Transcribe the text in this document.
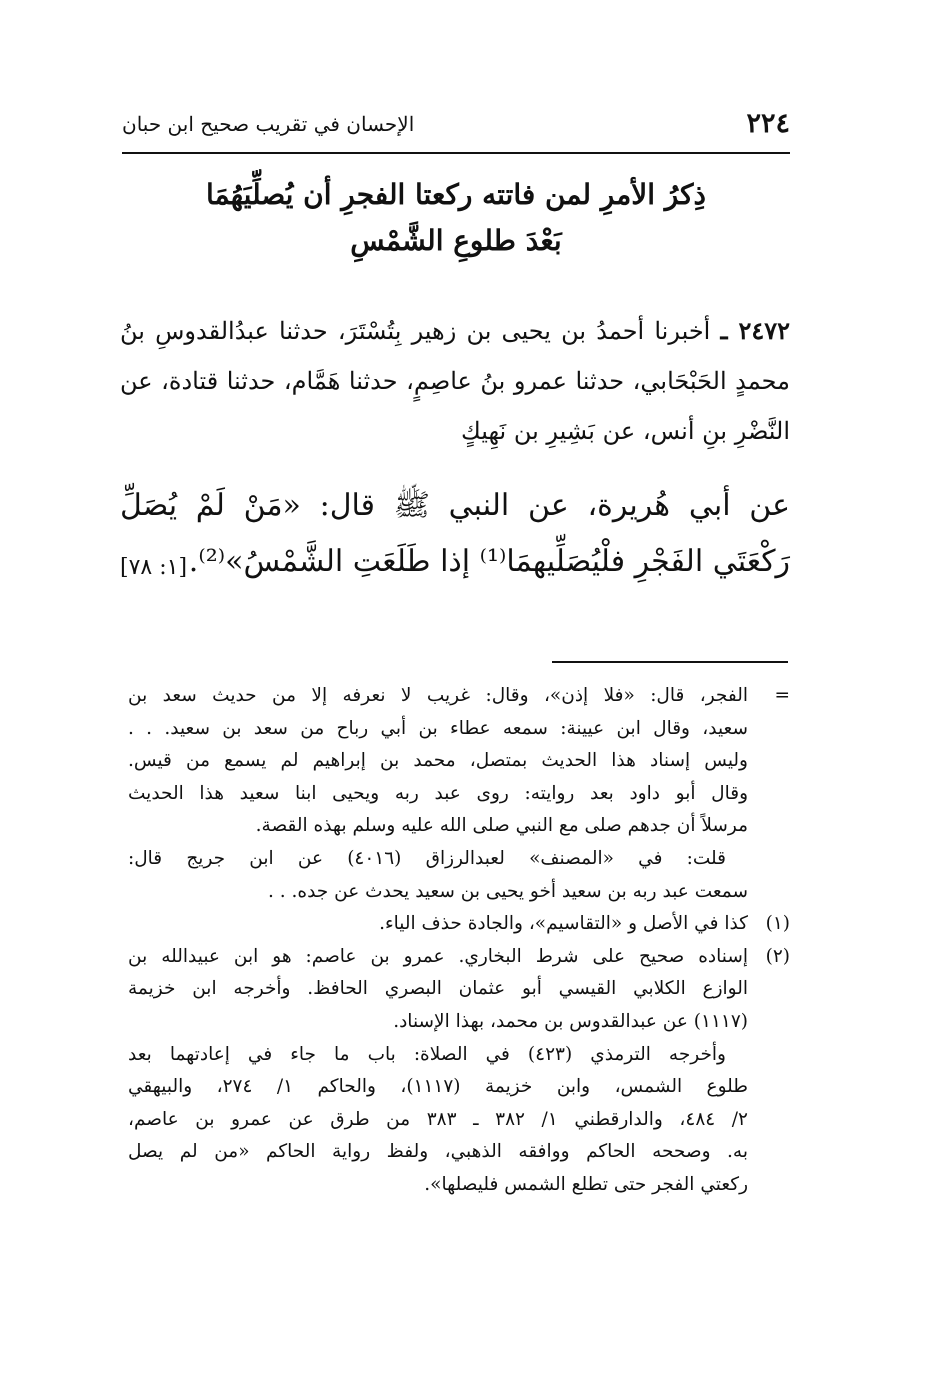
٢٢٤
الإحسان في تقريب صحيح ابن حبان
ذِكرُ الأمرِ لمن فاتته ركعتا الفجرِ أن يُصلِّيَهُمَا
بَعْدَ طلوعِ الشَّمْسِ
٢٤٧٢ ـ أخبرنا أحمدُ بن يحيى بن زهير بِتُسْتَرَ، حدثنا عبدُالقدوسِ بنُ محمدٍ الحَبْحَابي، حدثنا عمرو بنُ عاصِمٍ، حدثنا هَمَّام، حدثنا قتادة، عن النَّضْرِ بنِ أنس، عن بَشِيرِ بن نَهِيكٍ
عن أبي هُريرة، عن النبي ﷺ قال: «مَنْ لَمْ يُصَلِّ رَكْعَتَي الفَجْرِ فلْيُصَلِّيهمَا⁽¹⁾ إذا طَلَعَتِ الشَّمْسُ»⁽²⁾.
[١: ٧٨]
=
الفجر، قال: «فلا إذن»، وقال: غريب لا نعرفه إلا من حديث سعد بن
سعيد، وقال ابن عيينة: سمعه عطاء بن أبي رباح من سعد بن سعيد. . .
وليس إسناد هذا الحديث بمتصل، محمد بن إبراهيم لم يسمع من قيس.
وقال أبو داود بعد روايته: روى عبد ربه ويحيى ابنا سعيد هذا الحديث
مرسلاً أن جدهم صلى مع النبي صلى الله عليه وسلم بهذه القصة.
قلت: في «المصنف» لعبدالرزاق (٤٠١٦) عن ابن جريج قال:
سمعت عبد ربه بن سعيد أخو يحيى بن سعيد يحدث عن جده. . .
(١)
كذا في الأصل و «التقاسيم»، والجادة حذف الياء.
(٢)
إسناده صحيح على شرط البخاري. عمرو بن عاصم: هو ابن عبيدالله بن
الوازع الكلابي القيسي أبو عثمان البصري الحافظ. وأخرجه ابن خزيمة
(١١١٧) عن عبدالقدوس بن محمد، بهذا الإسناد.
وأخرجه الترمذي (٤٢٣) في الصلاة: باب ما جاء في إعادتهما بعد
طلوع الشمس، وابن خزيمة (١١١٧)، والحاكم ١/ ٢٧٤، والبيهقي
٢/ ٤٨٤، والدارقطني ١/ ٣٨٢ ـ ٣٨٣ من طرق عن عمرو بن عاصم،
به. وصححه الحاكم ووافقه الذهبي، ولفظ رواية الحاكم «من لم يصل
ركعتي الفجر حتى تطلع الشمس فليصلها».
